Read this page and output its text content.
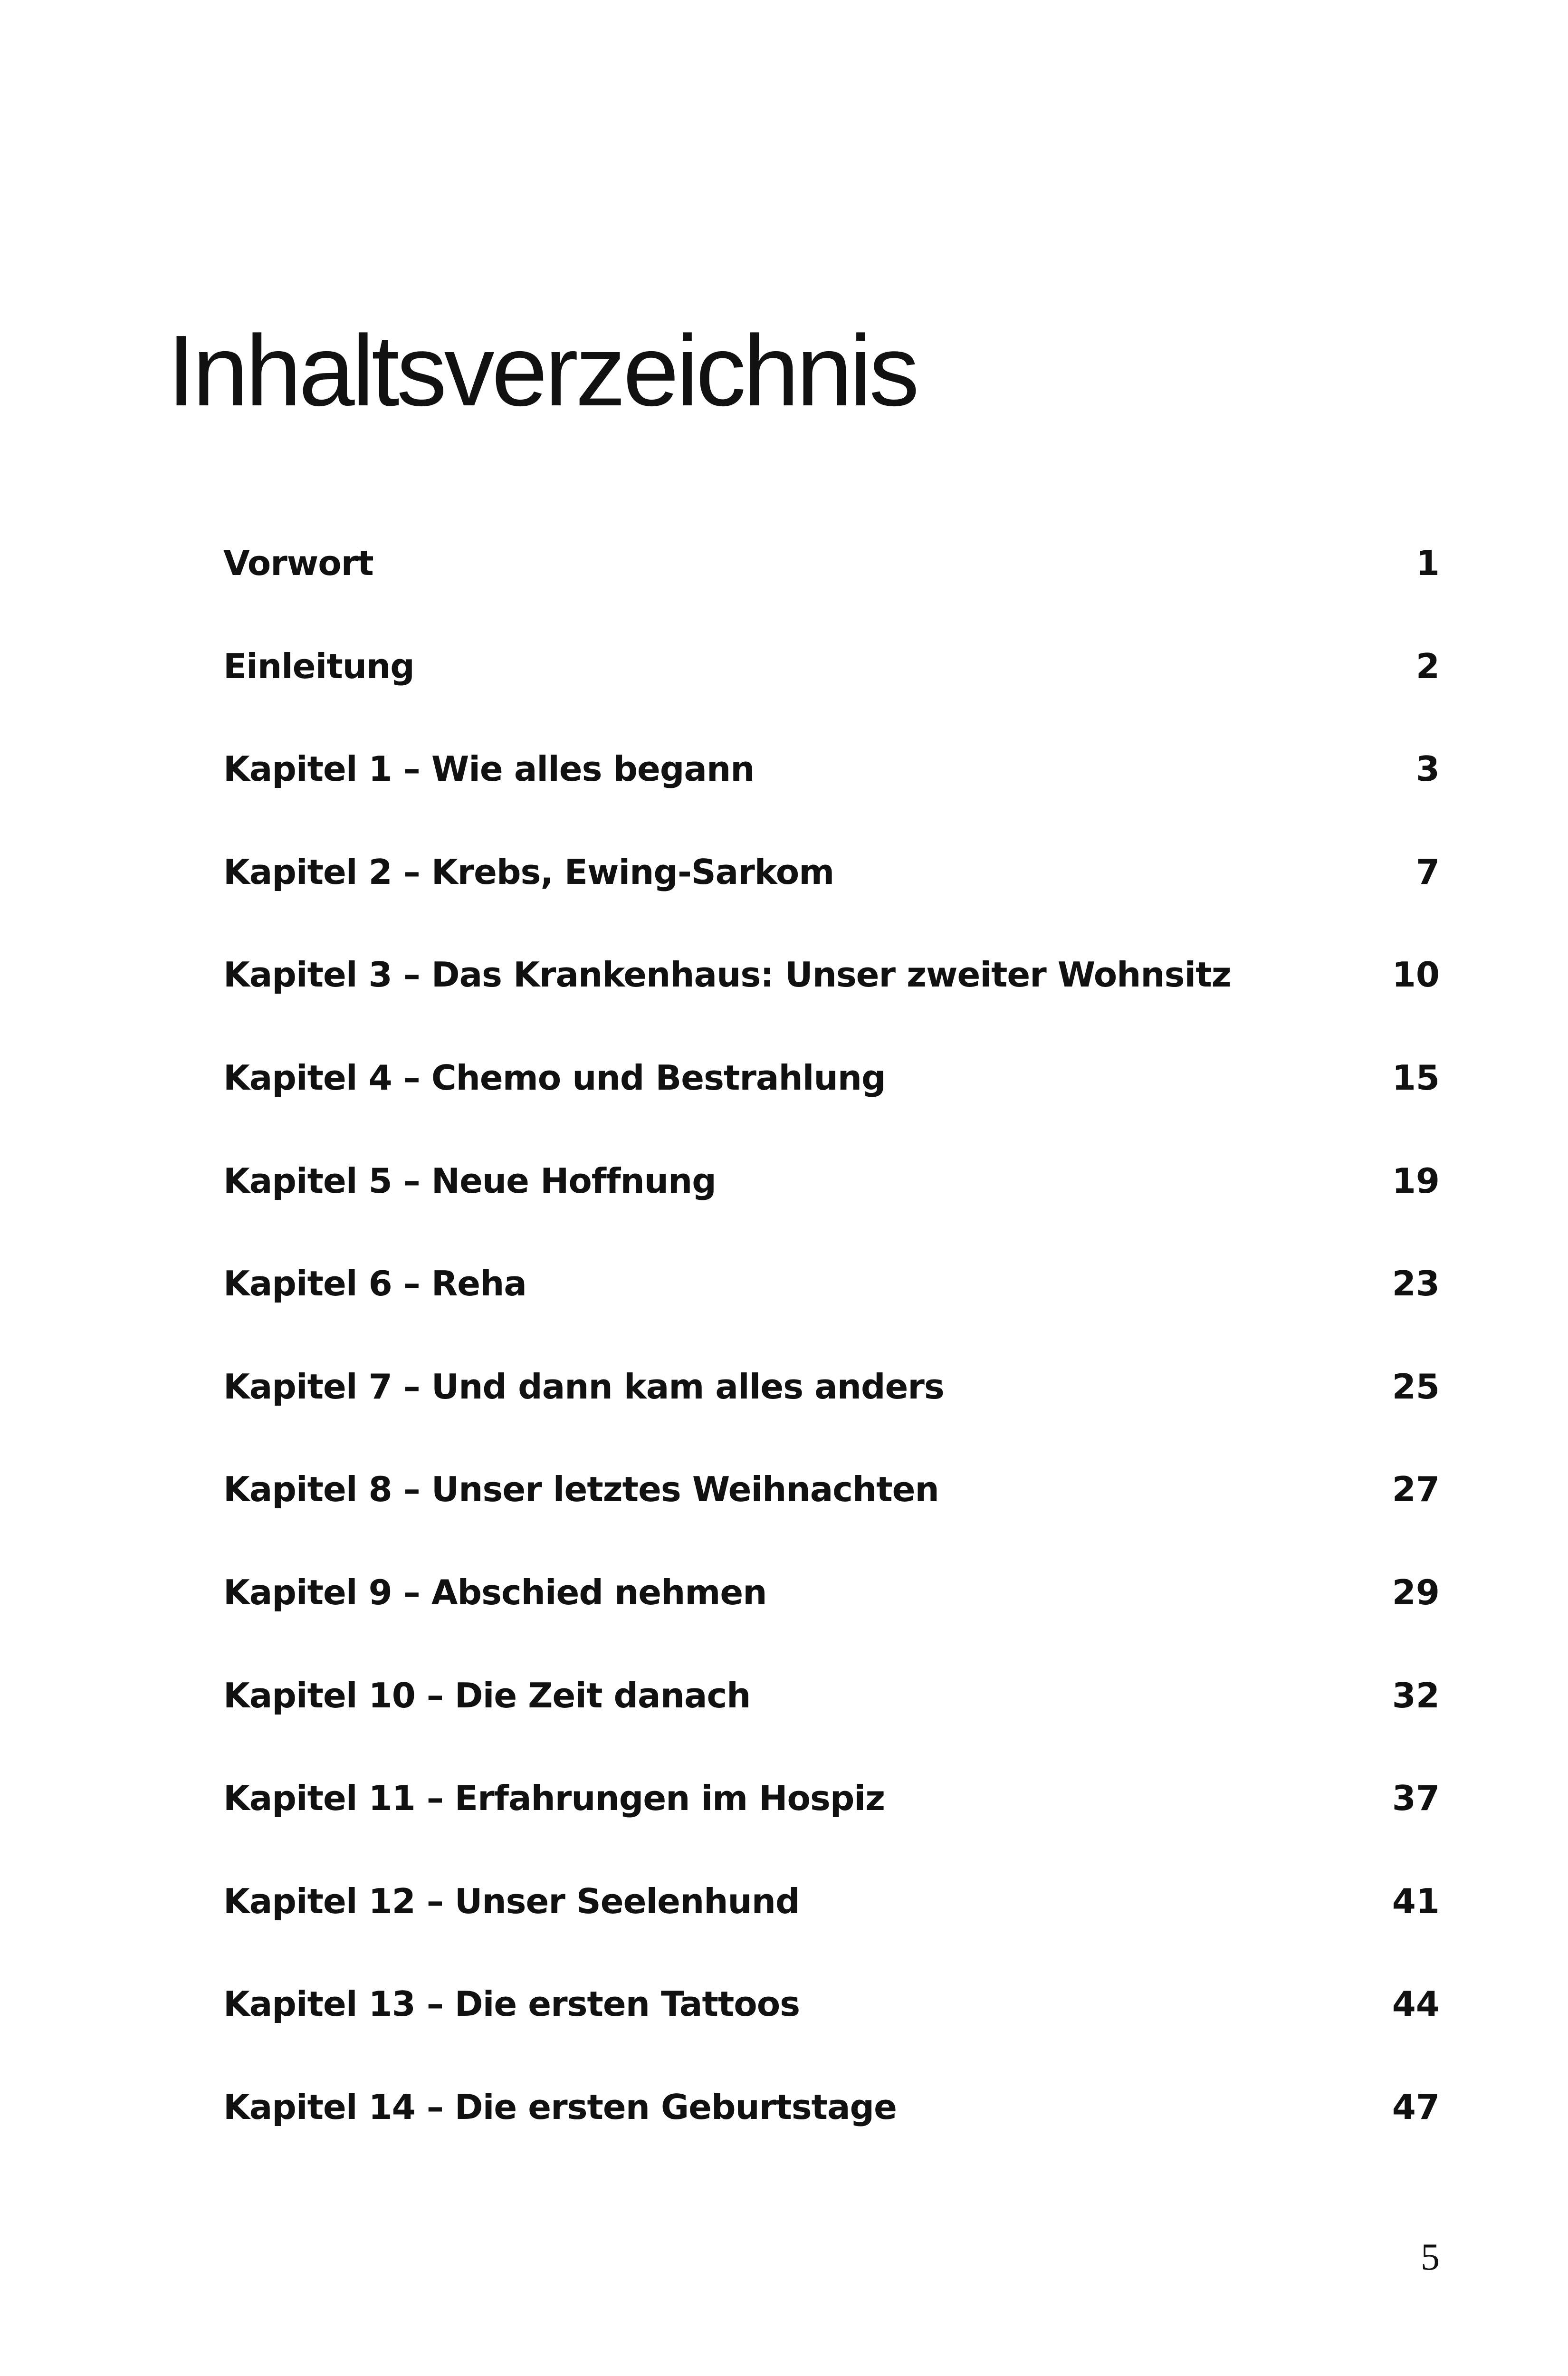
Inhaltsverzeichnis
Vorwort	1
Einleitung	2
Kapitel 1 – Wie alles begann	3
Kapitel 2 – Krebs, Ewing-Sarkom	7
Kapitel 3 – Das Krankenhaus: Unser zweiter Wohnsitz	10
Kapitel 4 – Chemo und Bestrahlung	15
Kapitel 5 – Neue Hoffnung	19
Kapitel 6 – Reha	23
Kapitel 7 – Und dann kam alles anders	25
Kapitel 8 – Unser letztes Weihnachten	27
Kapitel 9 – Abschied nehmen	29
Kapitel 10 – Die Zeit danach	32
Kapitel 11 – Erfahrungen im Hospiz	37
Kapitel 12 – Unser Seelenhund	41
Kapitel 13 – Die ersten Tattoos	44
Kapitel 14 – Die ersten Geburtstage	47
5
